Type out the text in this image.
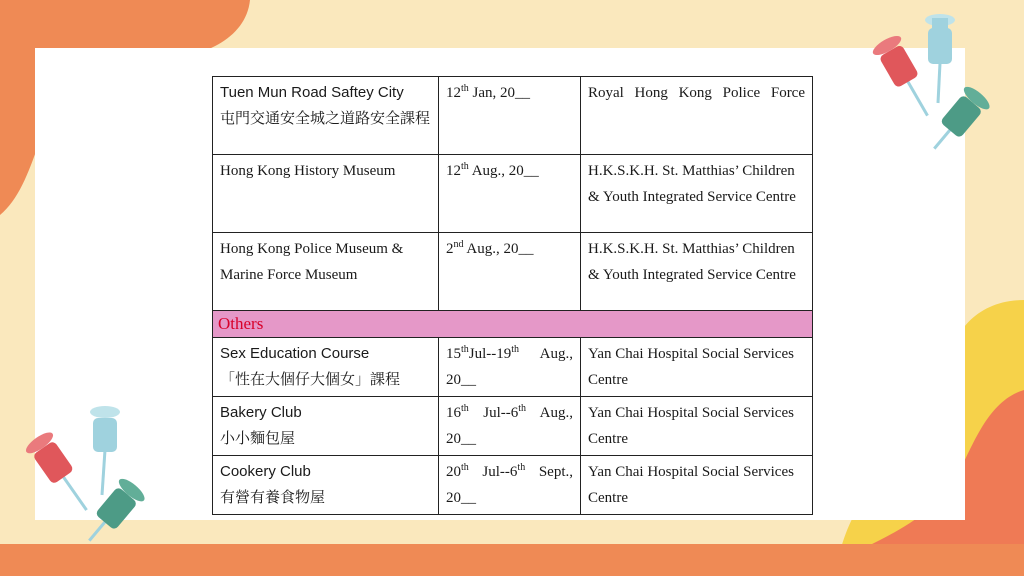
Tuen Mun Road Saftey City
屯門交通安全城之道路安全課程	12th Jan, 20__	Royal Hong Kong Police Force
Hong Kong History Museum	12th Aug., 20__	H.K.S.K.H. St. Matthias’ Children & Youth Integrated Service Centre
Hong Kong Police Museum & Marine Force Museum	2nd Aug., 20__	H.K.S.K.H. St. Matthias’ Children & Youth Integrated Service Centre
Others		

Sex Education Course
「性在大個仔大個女」課程	15thJul--19th Aug., 20__	Yan Chai Hospital Social Services Centre

Bakery Club
小小麵包屋	16th Jul--6th Aug., 20__	Yan Chai Hospital Social Services Centre

Cookery Club
有營有養食物屋	20th Jul--6th Sept., 20__	Yan Chai Hospital Social Services Centre
